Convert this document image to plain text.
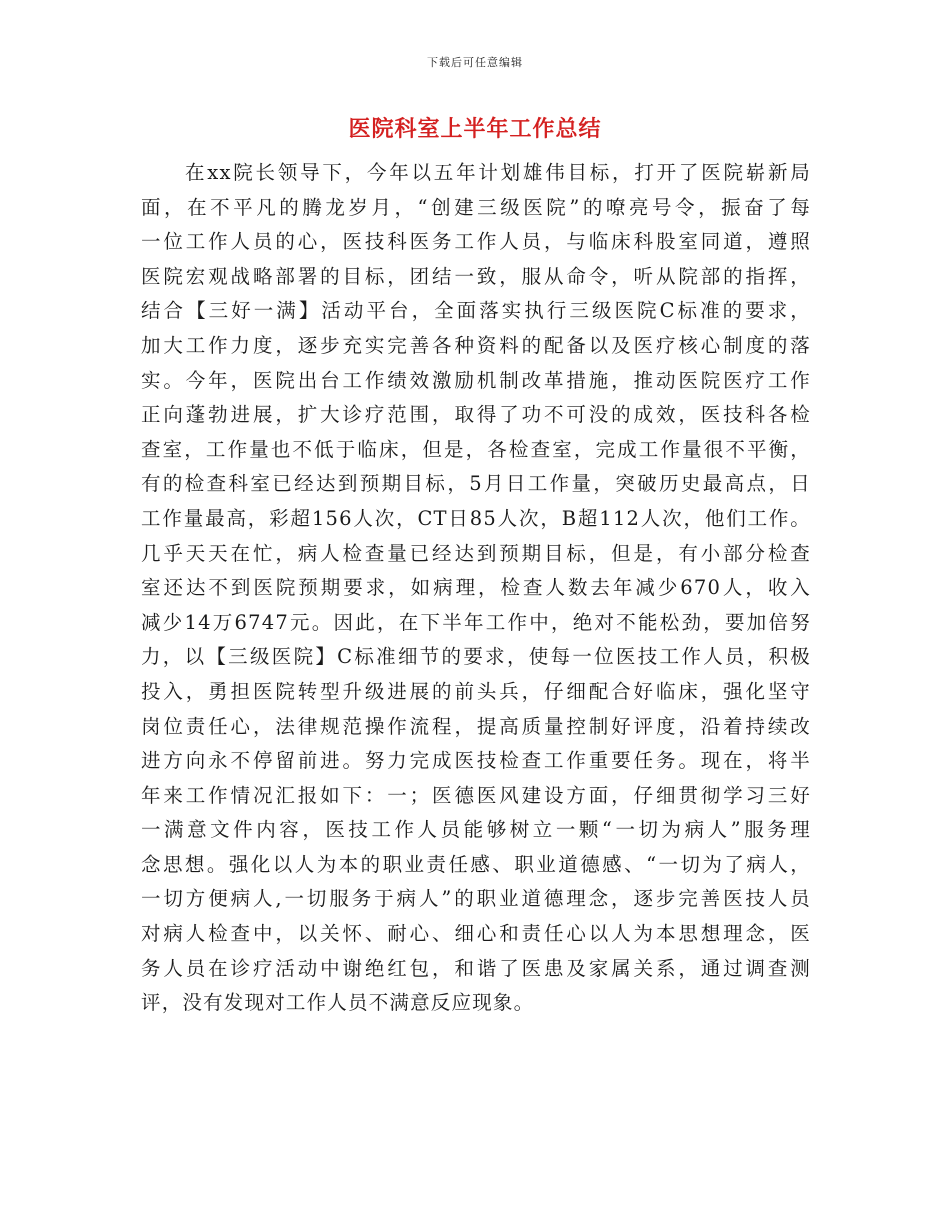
下载后可任意编辑
医院科室上半年工作总结
在xx院长领导下，今年以五年计划雄伟目标，打开了医院崭新局
面，在不平凡的腾龙岁月，“创建三级医院”的嘹亮号令，振奋了每
一位工作人员的心，医技科医务工作人员，与临床科股室同道，遵照
医院宏观战略部署的目标，团结一致，服从命令，听从院部的指挥，
结合【三好一满】活动平台，全面落实执行三级医院C标准的要求，
加大工作力度，逐步充实完善各种资料的配备以及医疗核心制度的落
实。今年，医院出台工作绩效激励机制改革措施，推动医院医疗工作
正向蓬勃进展，扩大诊疗范围，取得了功不可没的成效，医技科各检
查室，工作量也不低于临床，但是，各检查室，完成工作量很不平衡，
有的检查科室已经达到预期目标，5月日工作量，突破历史最高点，日
工作量最高，彩超156人次，CT日85人次，B超112人次，他们工作。
几乎天天在忙，病人检查量已经达到预期目标，但是，有小部分检查
室还达不到医院预期要求，如病理，检查人数去年减少670人，收入
减少14万6747元。因此，在下半年工作中，绝对不能松劲，要加倍努
力，以【三级医院】C标准细节的要求，使每一位医技工作人员，积极
投入，勇担医院转型升级进展的前头兵，仔细配合好临床，强化坚守
岗位责任心，法律规范操作流程，提高质量控制好评度，沿着持续改
进方向永不停留前进。努力完成医技检查工作重要任务。现在，将半
年来工作情况汇报如下：一；医德医风建设方面，仔细贯彻学习三好
一满意文件内容，医技工作人员能够树立一颗“一切为病人”服务理
念思想。强化以人为本的职业责任感、职业道德感、“一切为了病人，
一切方便病人,一切服务于病人”的职业道德理念，逐步完善医技人员
对病人检查中，以关怀、耐心、细心和责任心以人为本思想理念，医
务人员在诊疗活动中谢绝红包，和谐了医患及家属关系，通过调查测
评，没有发现对工作人员不满意反应现象。
